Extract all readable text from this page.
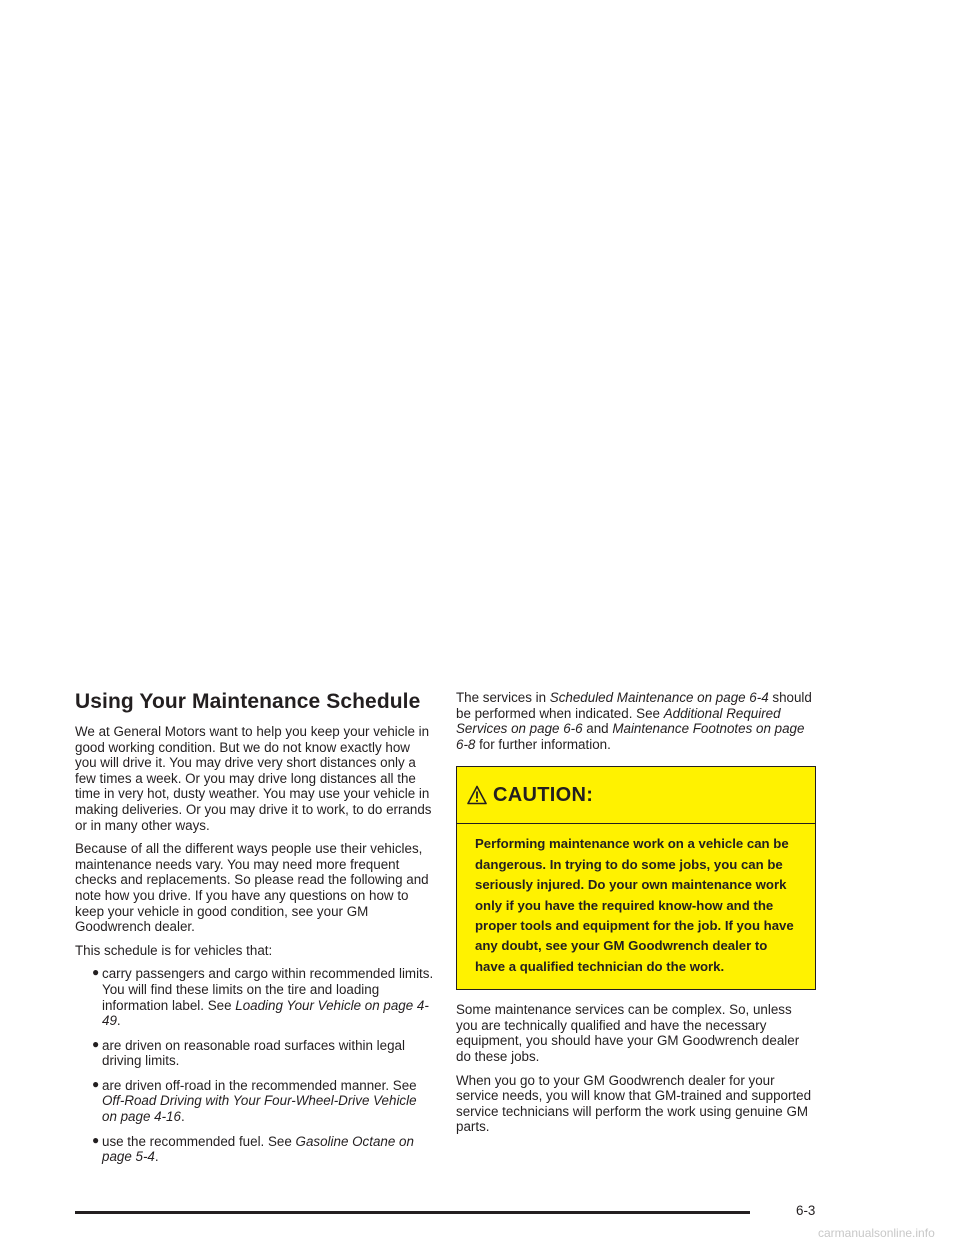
Using Your Maintenance Schedule

We at General Motors want to help you keep your vehicle in good working condition. But we do not know exactly how you will drive it. You may drive very short distances only a few times a week. Or you may drive long distances all the time in very hot, dusty weather. You may use your vehicle in making deliveries. Or you may drive it to work, to do errands or in many other ways.

Because of all the different ways people use their vehicles, maintenance needs vary. You may need more frequent checks and replacements. So please read the following and note how you drive. If you have any questions on how to keep your vehicle in good condition, see your GM Goodwrench dealer.

This schedule is for vehicles that:

● carry passengers and cargo within recommended limits. You will find these limits on the tire and loading information label. See Loading Your Vehicle on page 4-49.
● are driven on reasonable road surfaces within legal driving limits.
● are driven off-road in the recommended manner. See Off-Road Driving with Your Four-Wheel-Drive Vehicle on page 4-16.
● use the recommended fuel. See Gasoline Octane on page 5-4.

The services in Scheduled Maintenance on page 6-4 should be performed when indicated. See Additional Required Services on page 6-6 and Maintenance Footnotes on page 6-8 for further information.

CAUTION:

Performing maintenance work on a vehicle can be dangerous. In trying to do some jobs, you can be seriously injured. Do your own maintenance work only if you have the required know-how and the proper tools and equipment for the job. If you have any doubt, see your GM Goodwrench dealer to have a qualified technician do the work.

Some maintenance services can be complex. So, unless you are technically qualified and have the necessary equipment, you should have your GM Goodwrench dealer do these jobs.

When you go to your GM Goodwrench dealer for your service needs, you will know that GM-trained and supported service technicians will perform the work using genuine GM parts.

6-3
carmanualsonline.info
